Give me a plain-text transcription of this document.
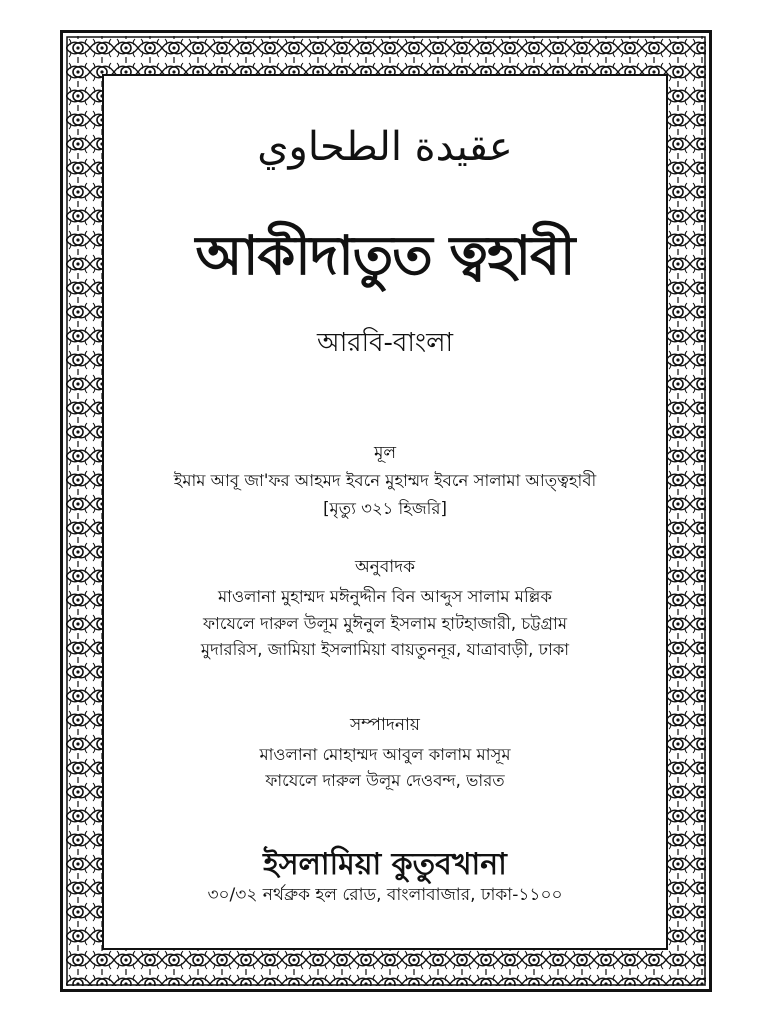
عقيدة الطحاوي
আকীদাতুত ত্বহাবী
আরবি-বাংলা
মূল
ইমাম আবূ জা'ফর আহমদ ইবনে মুহাম্মদ ইবনে সালামা আত্ত্বহাবী
[মৃত্যু ৩২১ হিজরি]
অনুবাদক
মাওলানা মুহাম্মদ মঈনুদ্দীন বিন আব্দুস সালাম মল্লিক
ফাযেলে দারুল উলূম মুঈনুল ইসলাম হাটহাজারী, চট্টগ্রাম
মুদাররিস, জামিয়া ইসলামিয়া বায়তুননূর, যাত্রাবাড়ী, ঢাকা
সম্পাদনায়
মাওলানা মোহাম্মদ আবুল কালাম মাসূম
ফাযেলে দারুল উলূম দেওবন্দ, ভারত
ইসলামিয়া কুতুবখানা
৩০/৩২ নর্থব্রুক হল রোড, বাংলাবাজার, ঢাকা-১১০০
